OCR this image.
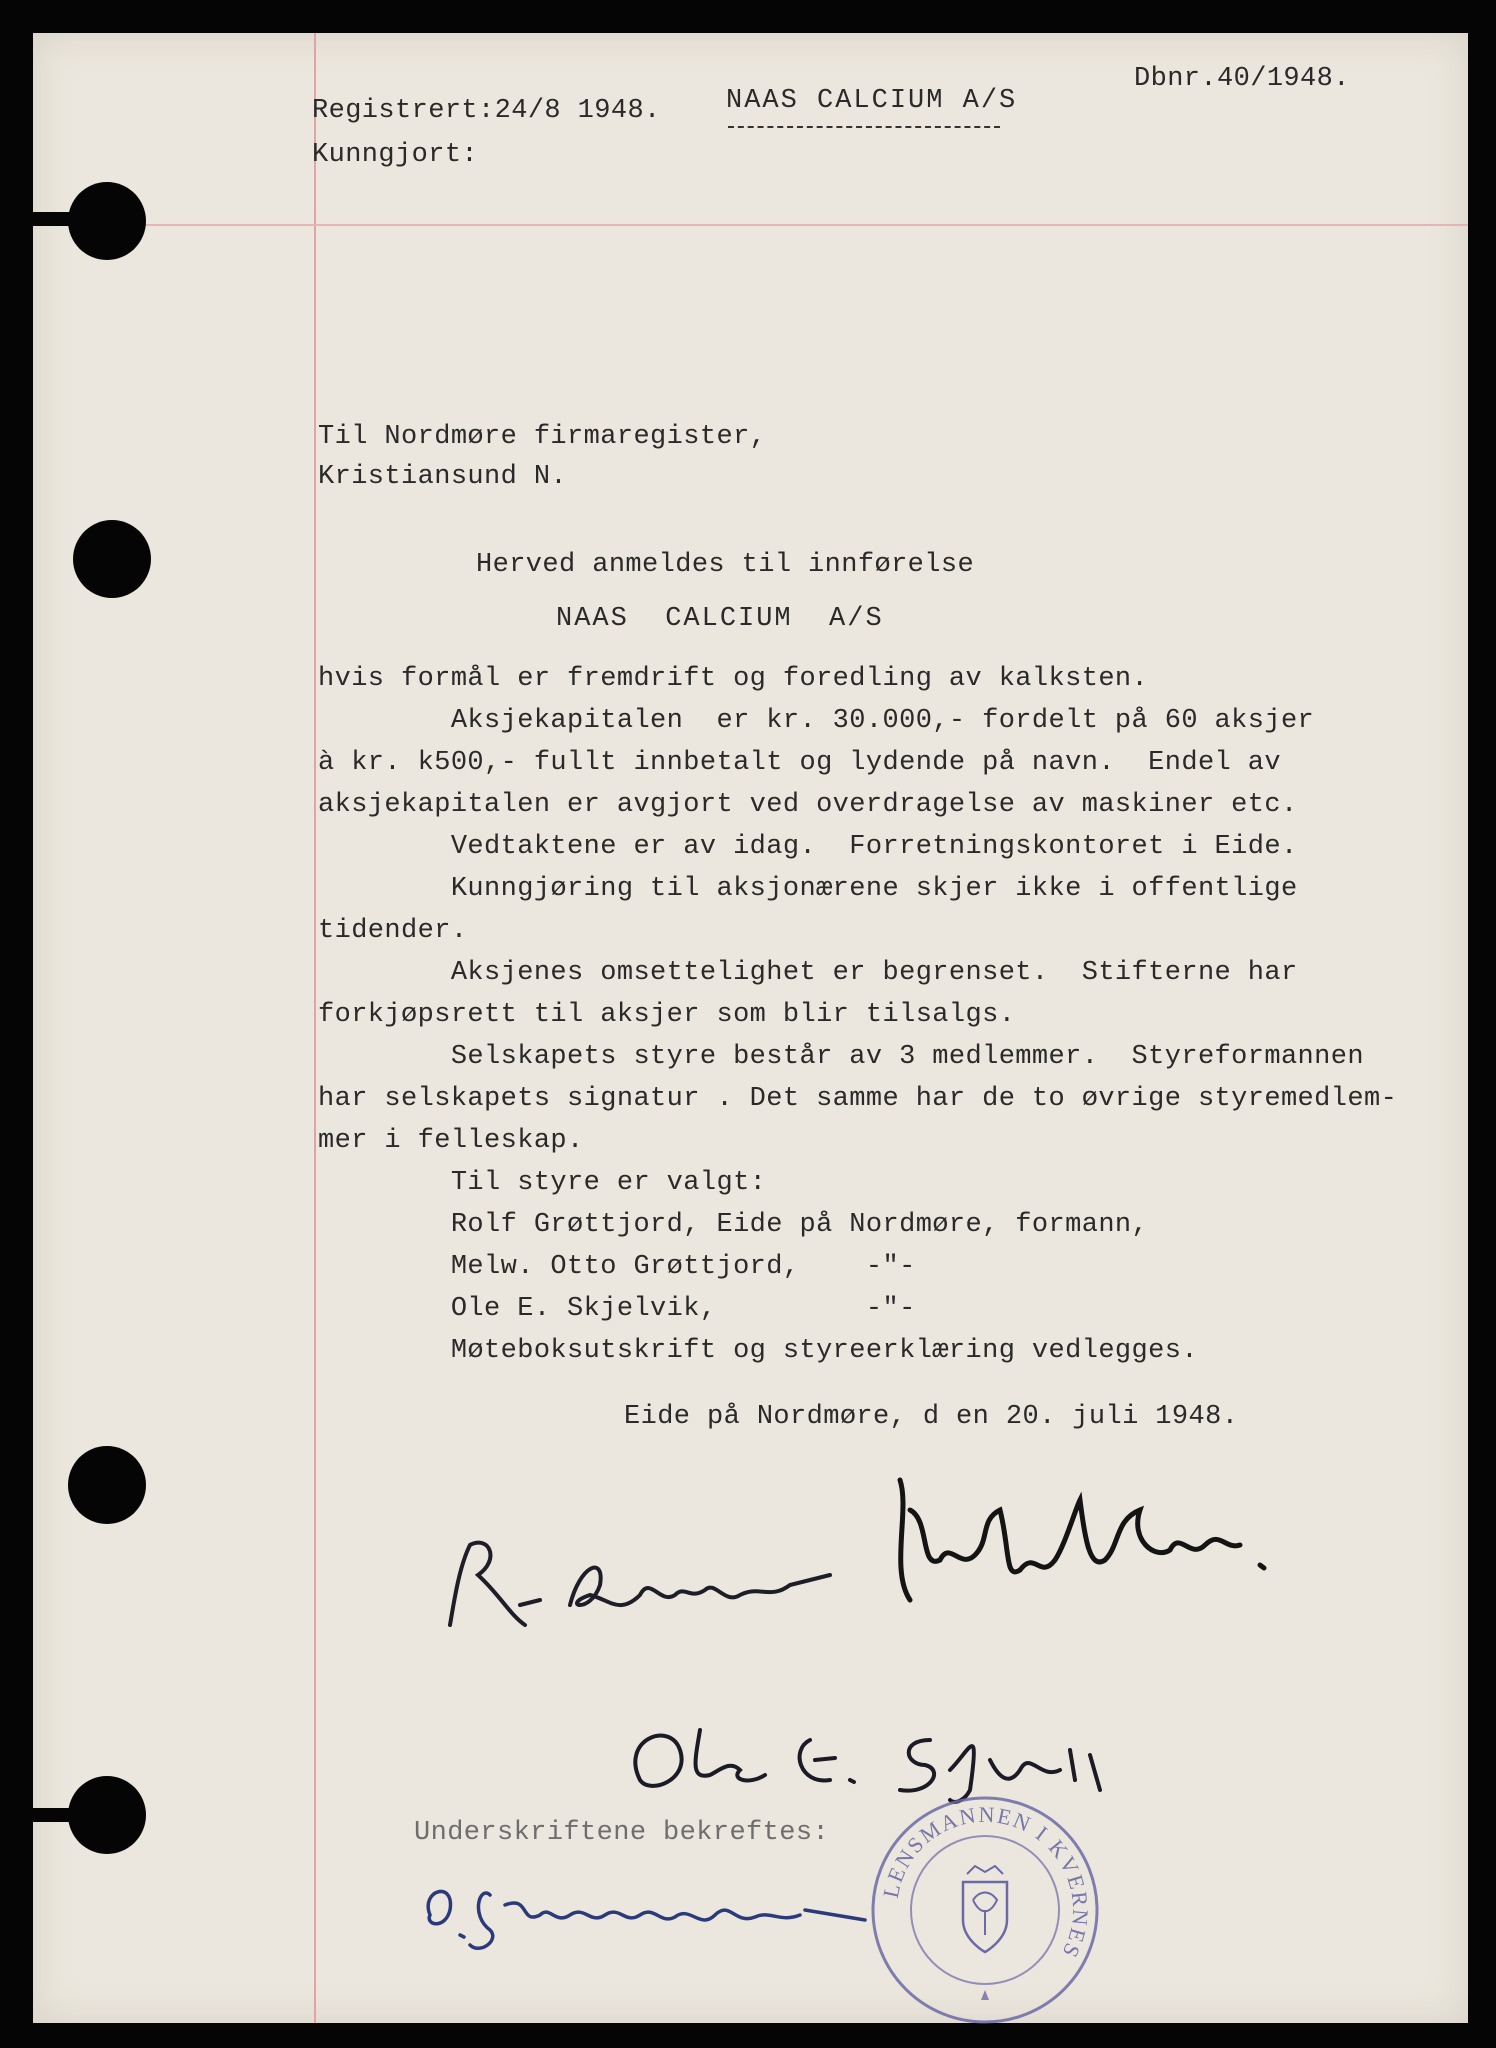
Registrert:24/8 1948. NAAS CALCIUM A/S
Kunngjort:
Dbnr.40/1948.
Til Nordmøre firmaregister,
Kristiansund N.
Herved anmeldes til innførelse
NAAS  CALCIUM  A/S
hvis formål er fremdrift og foredling av kalksten.
Aksjekapitalen  er kr. 30.000,- fordelt på 60 aksjer
à kr. k500,- fullt innbetalt og lydende på navn.  Endel av
aksjekapitalen er avgjort ved overdragelse av maskiner etc.
Vedtaktene er av idag.  Forretningskontoret i Eide.
Kunngjøring til aksjonærene skjer ikke i offentlige
tidender.
Aksjenes omsettelighet er begrenset.  Stifterne har
forkjøpsrett til aksjer som blir tilsalgs.
Selskapets styre består av 3 medlemmer.  Styreformannen
har selskapets signatur . Det samme har de to øvrige styremedlem-
mer i felleskap.
Til styre er valgt:
Rolf Grøttjord, Eide på Nordmøre, formann,
Melw. Otto Grøttjord,    -"-
Ole E. Skjelvik,         -"-
Møteboksutskrift og styreerklæring vedlegges.
Eide på Nordmøre, d en 20. juli 1948.
Underskriftene bekreftes:
LENSMANNEN I KVERNES
